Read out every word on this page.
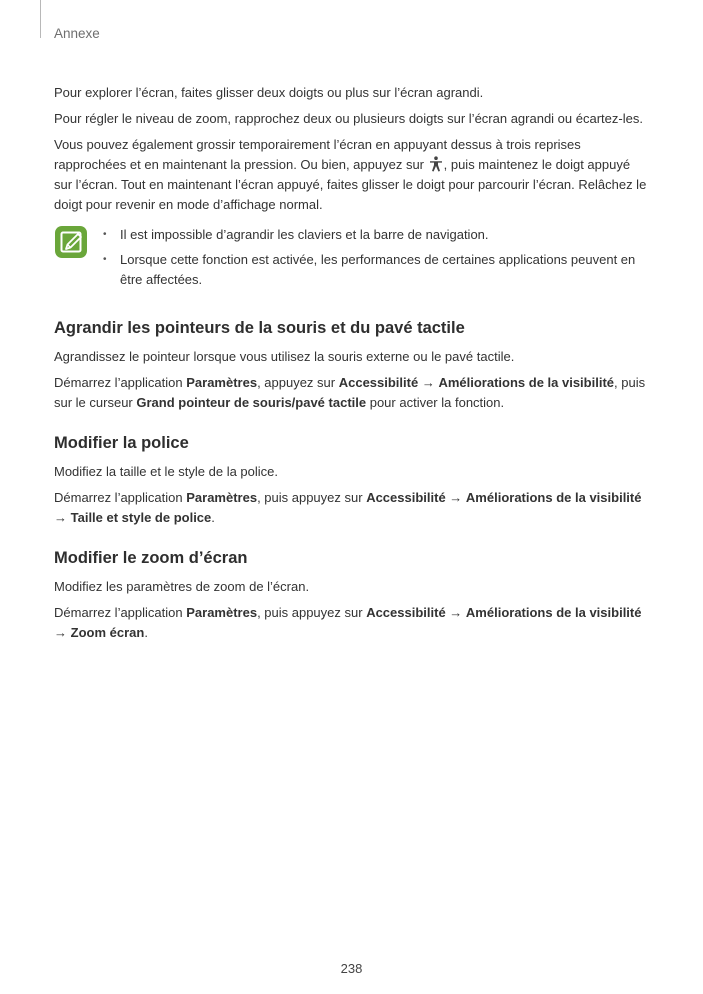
Annexe

Pour explorer l’écran, faites glisser deux doigts ou plus sur l’écran agrandi.

Pour régler le niveau de zoom, rapprochez deux ou plusieurs doigts sur l’écran agrandi ou écartez-les.

Vous pouvez également grossir temporairement l’écran en appuyant dessus à trois reprises rapprochées et en maintenant la pression. Ou bien, appuyez sur , puis maintenez le doigt appuyé sur l’écran. Tout en maintenant l’écran appuyé, faites glisser le doigt pour parcourir l’écran. Relâchez le doigt pour revenir en mode d’affichage normal.

• Il est impossible d’agrandir les claviers et la barre de navigation.
• Lorsque cette fonction est activée, les performances de certaines applications peuvent en être affectées.
Agrandir les pointeurs de la souris et du pavé tactile

Agrandissez le pointeur lorsque vous utilisez la souris externe ou le pavé tactile.

Démarrez l’application Paramètres, appuyez sur Accessibilité → Améliorations de la visibilité, puis sur le curseur Grand pointeur de souris/pavé tactile pour activer la fonction.

Modifier la police

Modifiez la taille et le style de la police.

Démarrez l’application Paramètres, puis appuyez sur Accessibilité → Améliorations de la visibilité → Taille et style de police.

Modifier le zoom d’écran

Modifiez les paramètres de zoom de l’écran.

Démarrez l’application Paramètres, puis appuyez sur Accessibilité → Améliorations de la visibilité → Zoom écran.

238
